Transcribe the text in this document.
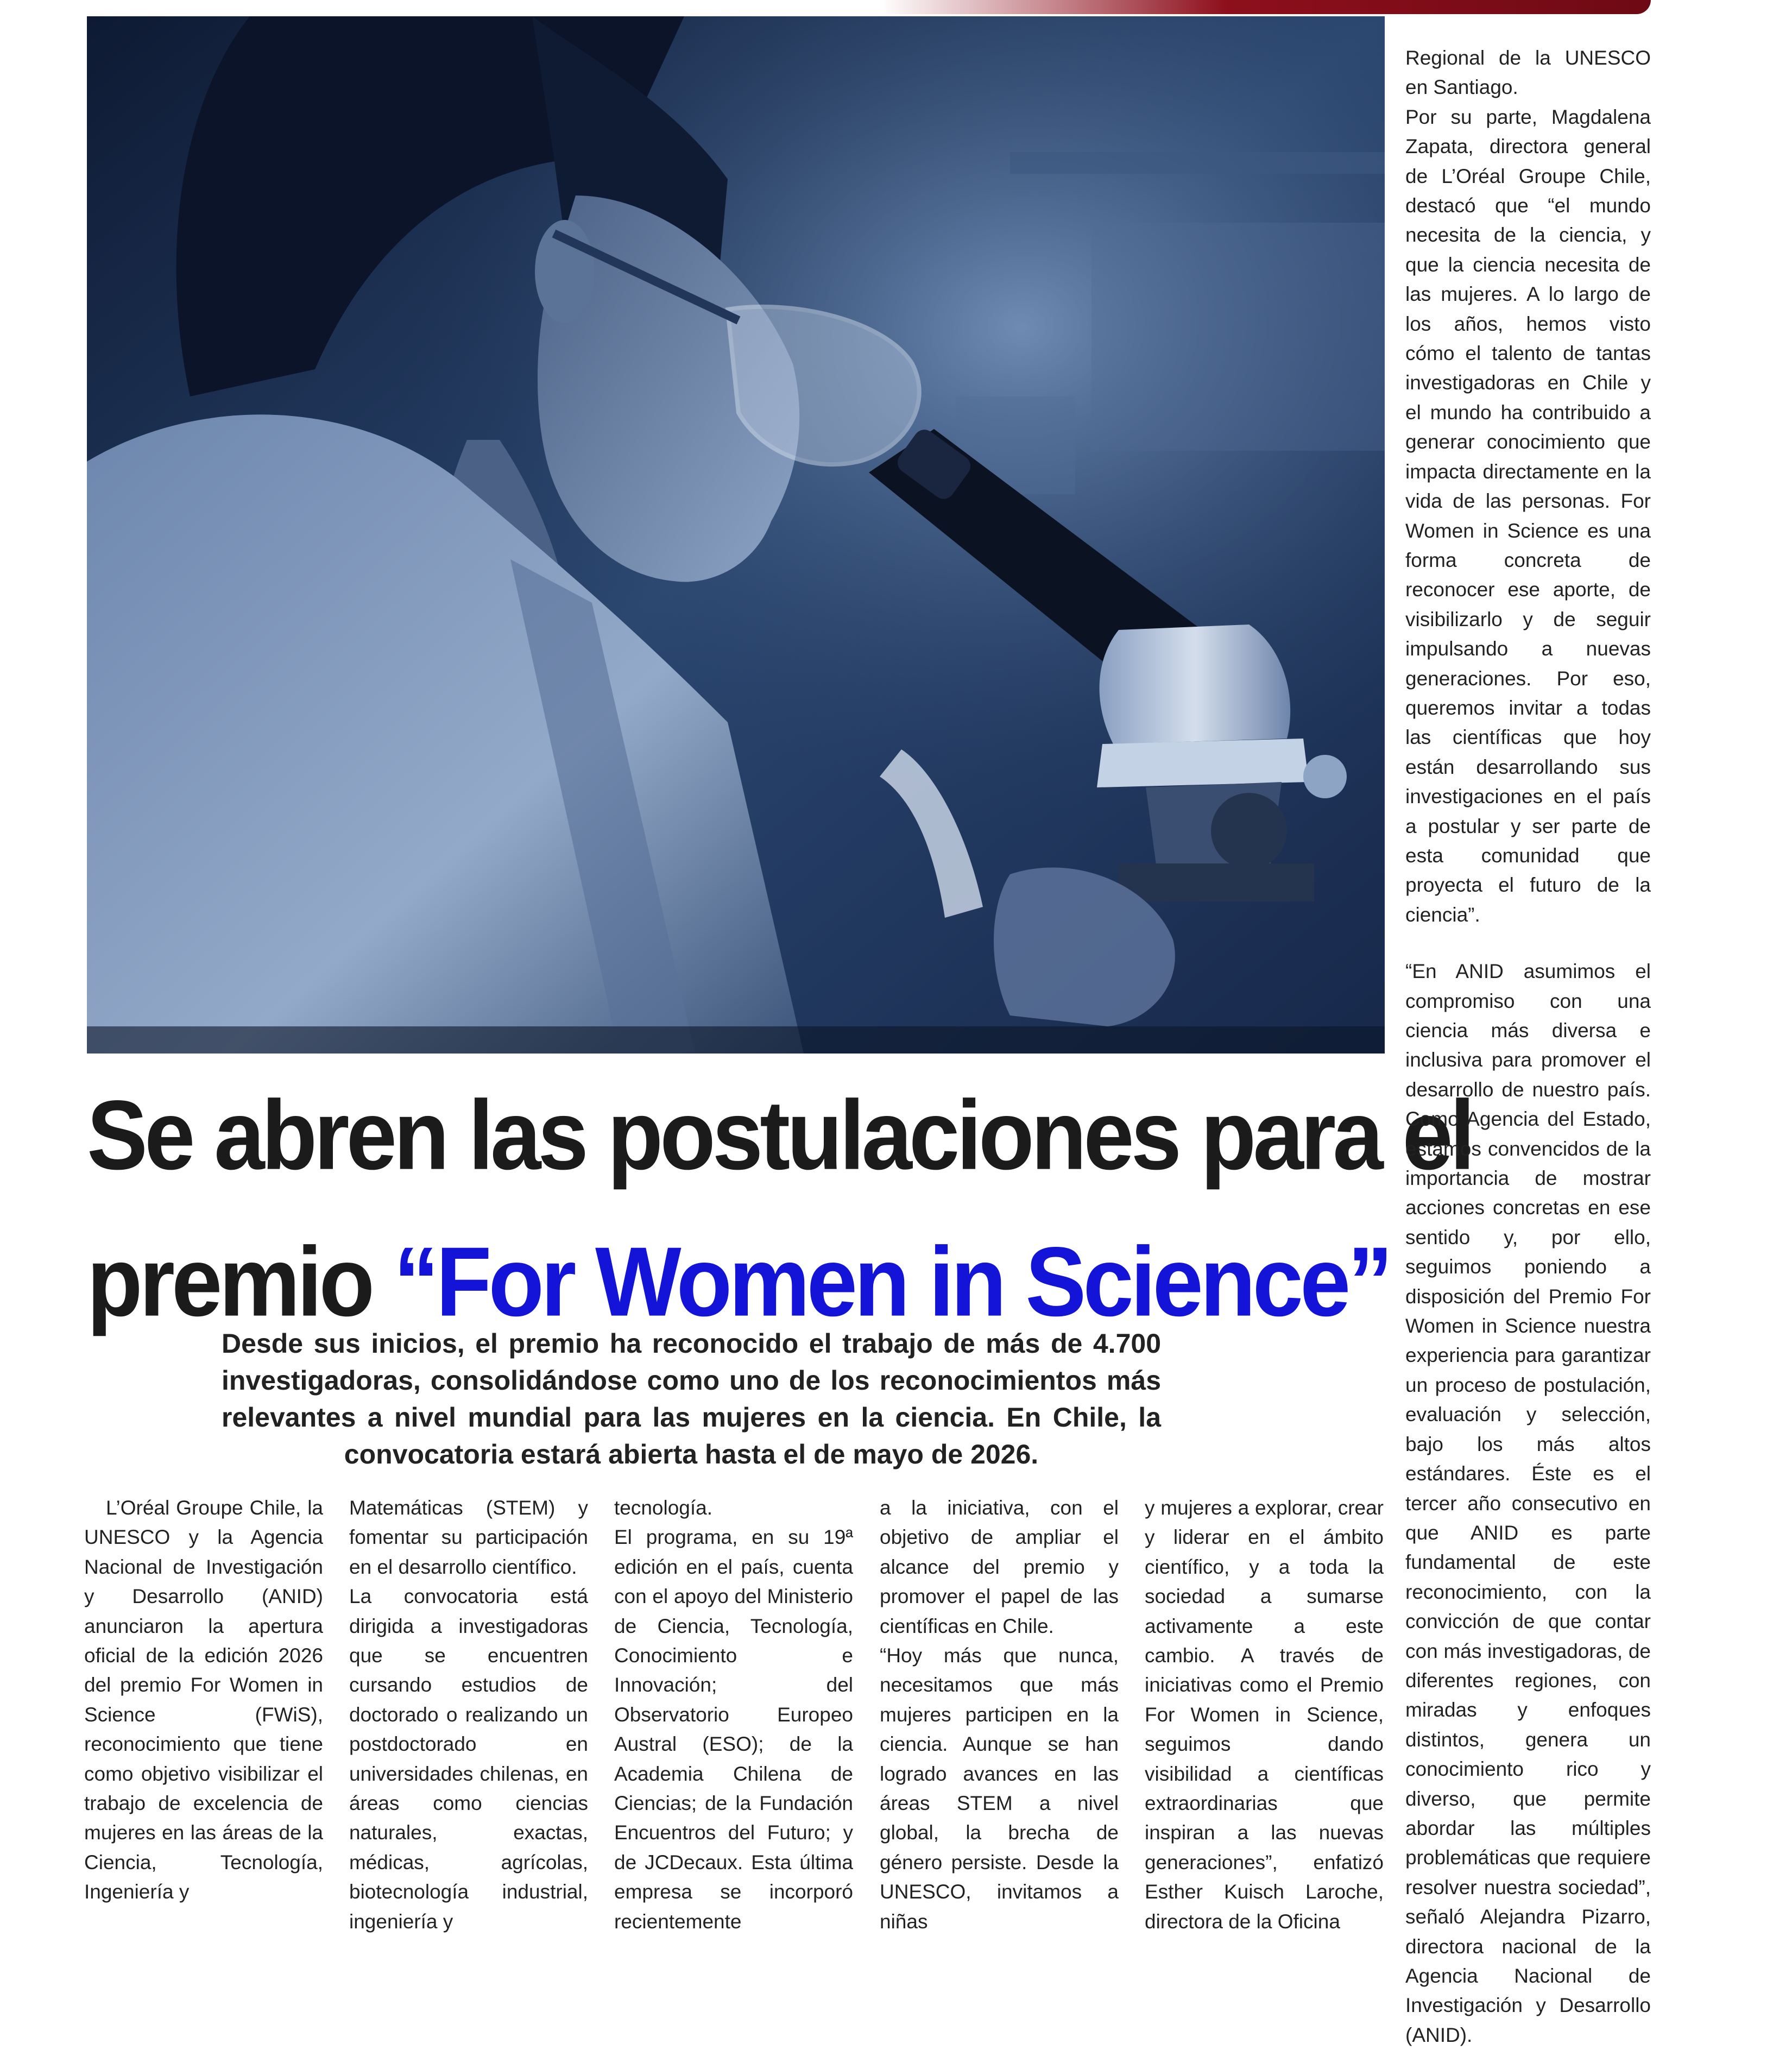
Se abren las postulaciones para el
premio “For Women in Science”
Desde sus inicios, el premio ha reconocido el trabajo de más de 4.700 investigadoras, consolidándose como uno de los reconocimientos más relevantes a nivel mundial para las mujeres en la ciencia. En Chile, la convocatoria estará abierta hasta el de mayo de 2026.

L’Oréal Groupe Chile, la UNESCO y la Agencia Nacional de Investigación y Desarrollo (ANID) anunciaron la apertura oficial de la edición 2026 del premio For Women in Science (FWiS), reconocimiento que tiene como objetivo visibilizar el trabajo de excelencia de mujeres en las áreas de la Ciencia, Tecnología, Ingeniería y

Matemáticas (STEM) y fomentar su participación en el desarrollo científico.

La convocatoria está dirigida a investigadoras que se encuentren cursando estudios de doctorado o realizando un postdoctorado en universidades chilenas, en áreas como ciencias naturales, exactas, médicas, agrícolas, biotecnología industrial, ingeniería y

tecnología.

El programa, en su 19ª edición en el país, cuenta con el apoyo del Ministerio de Ciencia, Tecnología, Conocimiento e Innovación; del Observatorio Europeo Austral (ESO); de la Academia Chilena de Ciencias; de la Fundación Encuentros del Futuro; y de JCDecaux. Esta última empresa se incorporó recientemente

a la iniciativa, con el objetivo de ampliar el alcance del premio y promover el papel de las científicas en Chile.

“Hoy más que nunca, necesitamos que más mujeres participen en la ciencia. Aunque se han logrado avances en las áreas STEM a nivel global, la brecha de género persiste. Desde la UNESCO, invitamos a niñas

y mujeres a explorar, crear y liderar en el ámbito científico, y a toda la sociedad a sumarse activamente a este cambio. A través de iniciativas como el Premio For Women in Science, seguimos dando visibilidad a científicas extraordinarias que inspiran a las nuevas generaciones”, enfatizó Esther Kuisch Laroche, directora de la Oficina

Regional de la UNESCO en Santiago.

Por su parte, Magdalena Zapata, directora general de L’Oréal Groupe Chile, destacó que “el mundo necesita de la ciencia, y que la ciencia necesita de las mujeres. A lo largo de los años, hemos visto cómo el talento de tantas investigadoras en Chile y el mundo ha contribuido a generar conocimiento que impacta directamente en la vida de las personas. For Women in Science es una forma concreta de reconocer ese aporte, de visibilizarlo y de seguir impulsando a nuevas generaciones. Por eso, queremos invitar a todas las científicas que hoy están desarrollando sus investigaciones en el país a postular y ser parte de esta comunidad que proyecta el futuro de la ciencia”.

“En ANID asumimos el compromiso con una ciencia más diversa e inclusiva para promover el desarrollo de nuestro país. Como Agencia del Estado, estamos convencidos de la importancia de mostrar acciones concretas en ese sentido y, por ello, seguimos poniendo a disposición del Premio For Women in Science nuestra experiencia para garantizar un proceso de postulación, evaluación y selección, bajo los más altos estándares. Éste es el tercer año consecutivo en que ANID es parte fundamental de este reconocimiento, con la convicción de que contar con más investigadoras, de diferentes regiones, con miradas y enfoques distintos, genera un conocimiento rico y diverso, que permite abordar las múltiples problemáticas que requiere resolver nuestra sociedad”, señaló Alejandra Pizarro, directora nacional de la Agencia Nacional de Investigación y Desarrollo (ANID).
